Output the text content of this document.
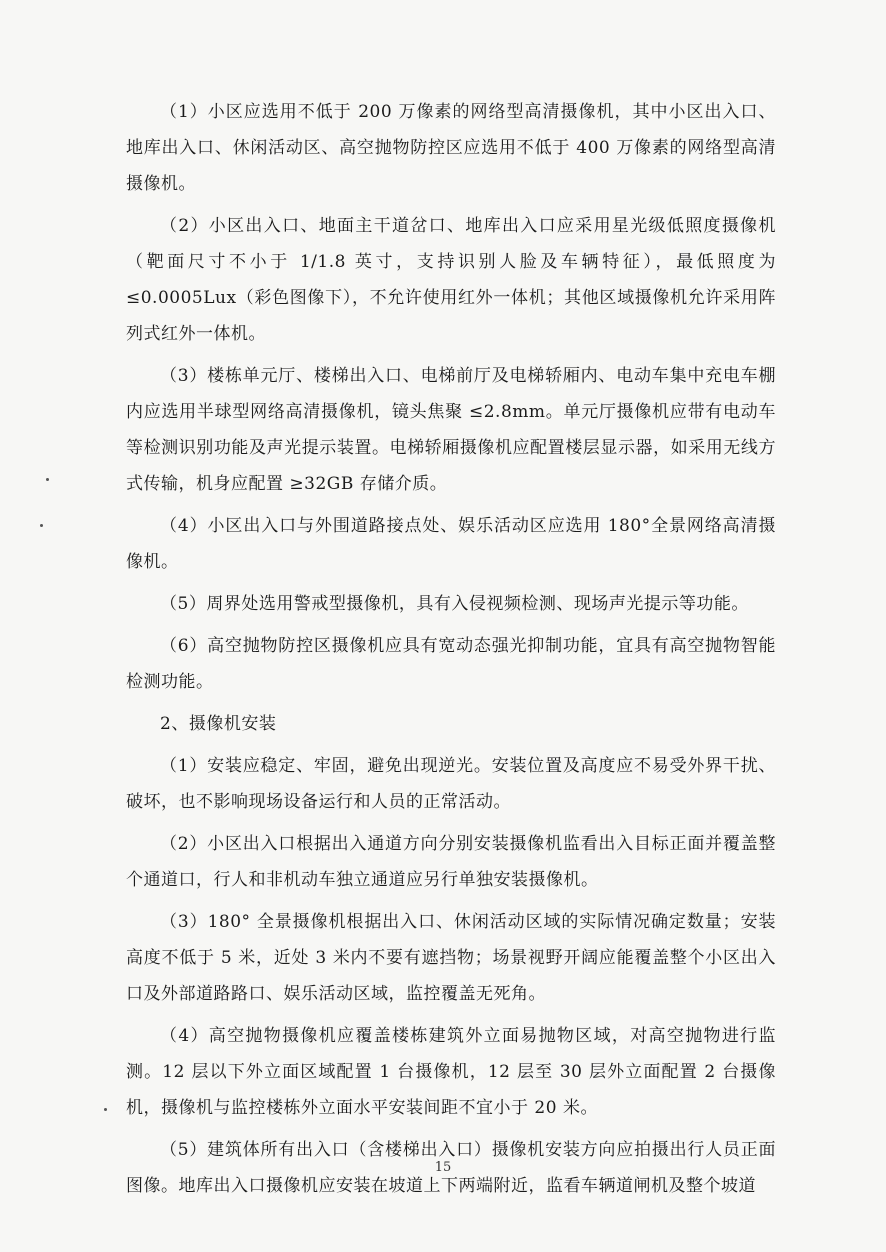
（1）小区应选用不低于 200 万像素的网络型高清摄像机，其中小区出入口、地库出入口、休闲活动区、高空抛物防控区应选用不低于 400 万像素的网络型高清摄像机。

（2）小区出入口、地面主干道岔口、地库出入口应采用星光级低照度摄像机（靶面尺寸不小于 1/1.8 英寸，支持识别人脸及车辆特征），最低照度为 ≤0.0005Lux（彩色图像下），不允许使用红外一体机；其他区域摄像机允许采用阵列式红外一体机。

（3）楼栋单元厅、楼梯出入口、电梯前厅及电梯轿厢内、电动车集中充电车棚内应选用半球型网络高清摄像机，镜头焦聚 ≤2.8mm。单元厅摄像机应带有电动车等检测识别功能及声光提示装置。电梯轿厢摄像机应配置楼层显示器，如采用无线方式传输，机身应配置 ≥32GB 存储介质。

（4）小区出入口与外围道路接点处、娱乐活动区应选用 180°全景网络高清摄像机。

（5）周界处选用警戒型摄像机，具有入侵视频检测、现场声光提示等功能。

（6）高空抛物防控区摄像机应具有宽动态强光抑制功能，宜具有高空抛物智能检测功能。

2、摄像机安装

（1）安装应稳定、牢固，避免出现逆光。安装位置及高度应不易受外界干扰、破坏，也不影响现场设备运行和人员的正常活动。

（2）小区出入口根据出入通道方向分别安装摄像机监看出入目标正面并覆盖整个通道口，行人和非机动车独立通道应另行单独安装摄像机。

（3）180° 全景摄像机根据出入口、休闲活动区域的实际情况确定数量；安装高度不低于 5 米，近处 3 米内不要有遮挡物；场景视野开阔应能覆盖整个小区出入口及外部道路路口、娱乐活动区域，监控覆盖无死角。

（4）高空抛物摄像机应覆盖楼栋建筑外立面易抛物区域，对高空抛物进行监测。12 层以下外立面区域配置 1 台摄像机，12 层至 30 层外立面配置 2 台摄像机，摄像机与监控楼栋外立面水平安装间距不宜小于 20 米。

（5）建筑体所有出入口（含楼梯出入口）摄像机安装方向应拍摄出行人员正面图像。地库出入口摄像机应安装在坡道上下两端附近，监看车辆道闸机及整个坡道

15
